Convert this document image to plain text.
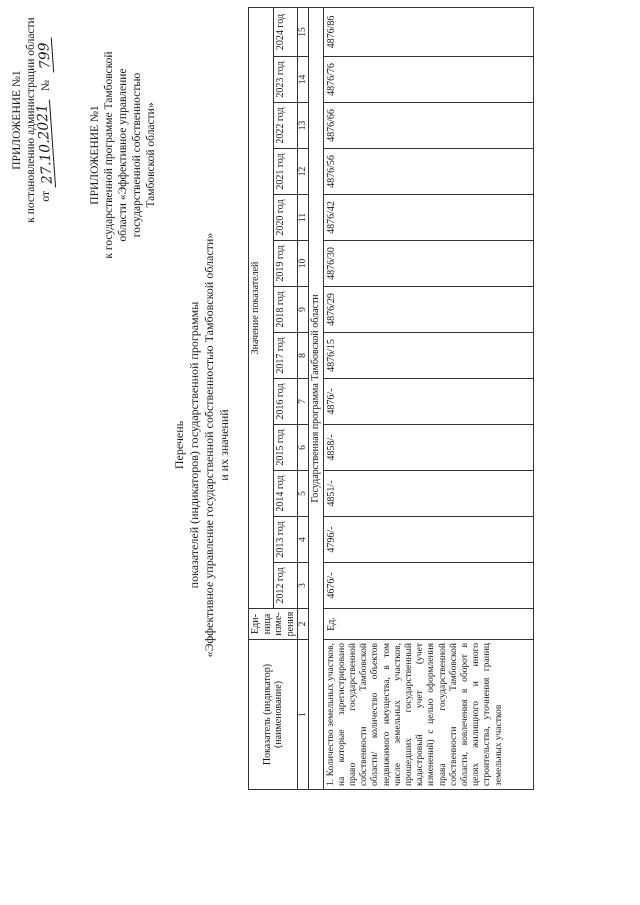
ПРИЛОЖЕНИЕ №1 к постановлению администрации области от 27.10.2021 № 799
ПРИЛОЖЕНИЕ №1 к государственной программе Тамбовской области «Эффективное управление государственной собственностью Тамбовской области»
Перечень показателей (индикаторов) государственной программы «Эффективное управление государственной собственностью Тамбовской области» и их значений
Показатель (индикатор) (наименование)	Еди-ница изме-рения	Значение показателей												
		2012 год	2013 год	2014 год	2015 год	2016 год	2017 год	2018 год	2019 год	2020 год	2021 год	2022 год	2023 год	2024 год
1	2	3	4	5	6	7	8	9	10	11	12	13	14	15
Государственная программа Тамбовской области														
1. Количество земельных участков, на которые зарегистрировано право государственной собственности Тамбовской области/ количество объектов недвижимого имущества, в том числе земельных участков, прошедших государственный кадастровый учет (учет изменений) с целью оформления права государственной собственности Тамбовской области, вовлечения в оборот в целях жилищного и иного строительства, уточнения границ земельных участков	Ед.	4676/-	4796/-	4851/-	4858/-	4876/-	4876/15	4876/29	4876/30	4876/42	4876/56	4876/66	4876/76	4876/86
